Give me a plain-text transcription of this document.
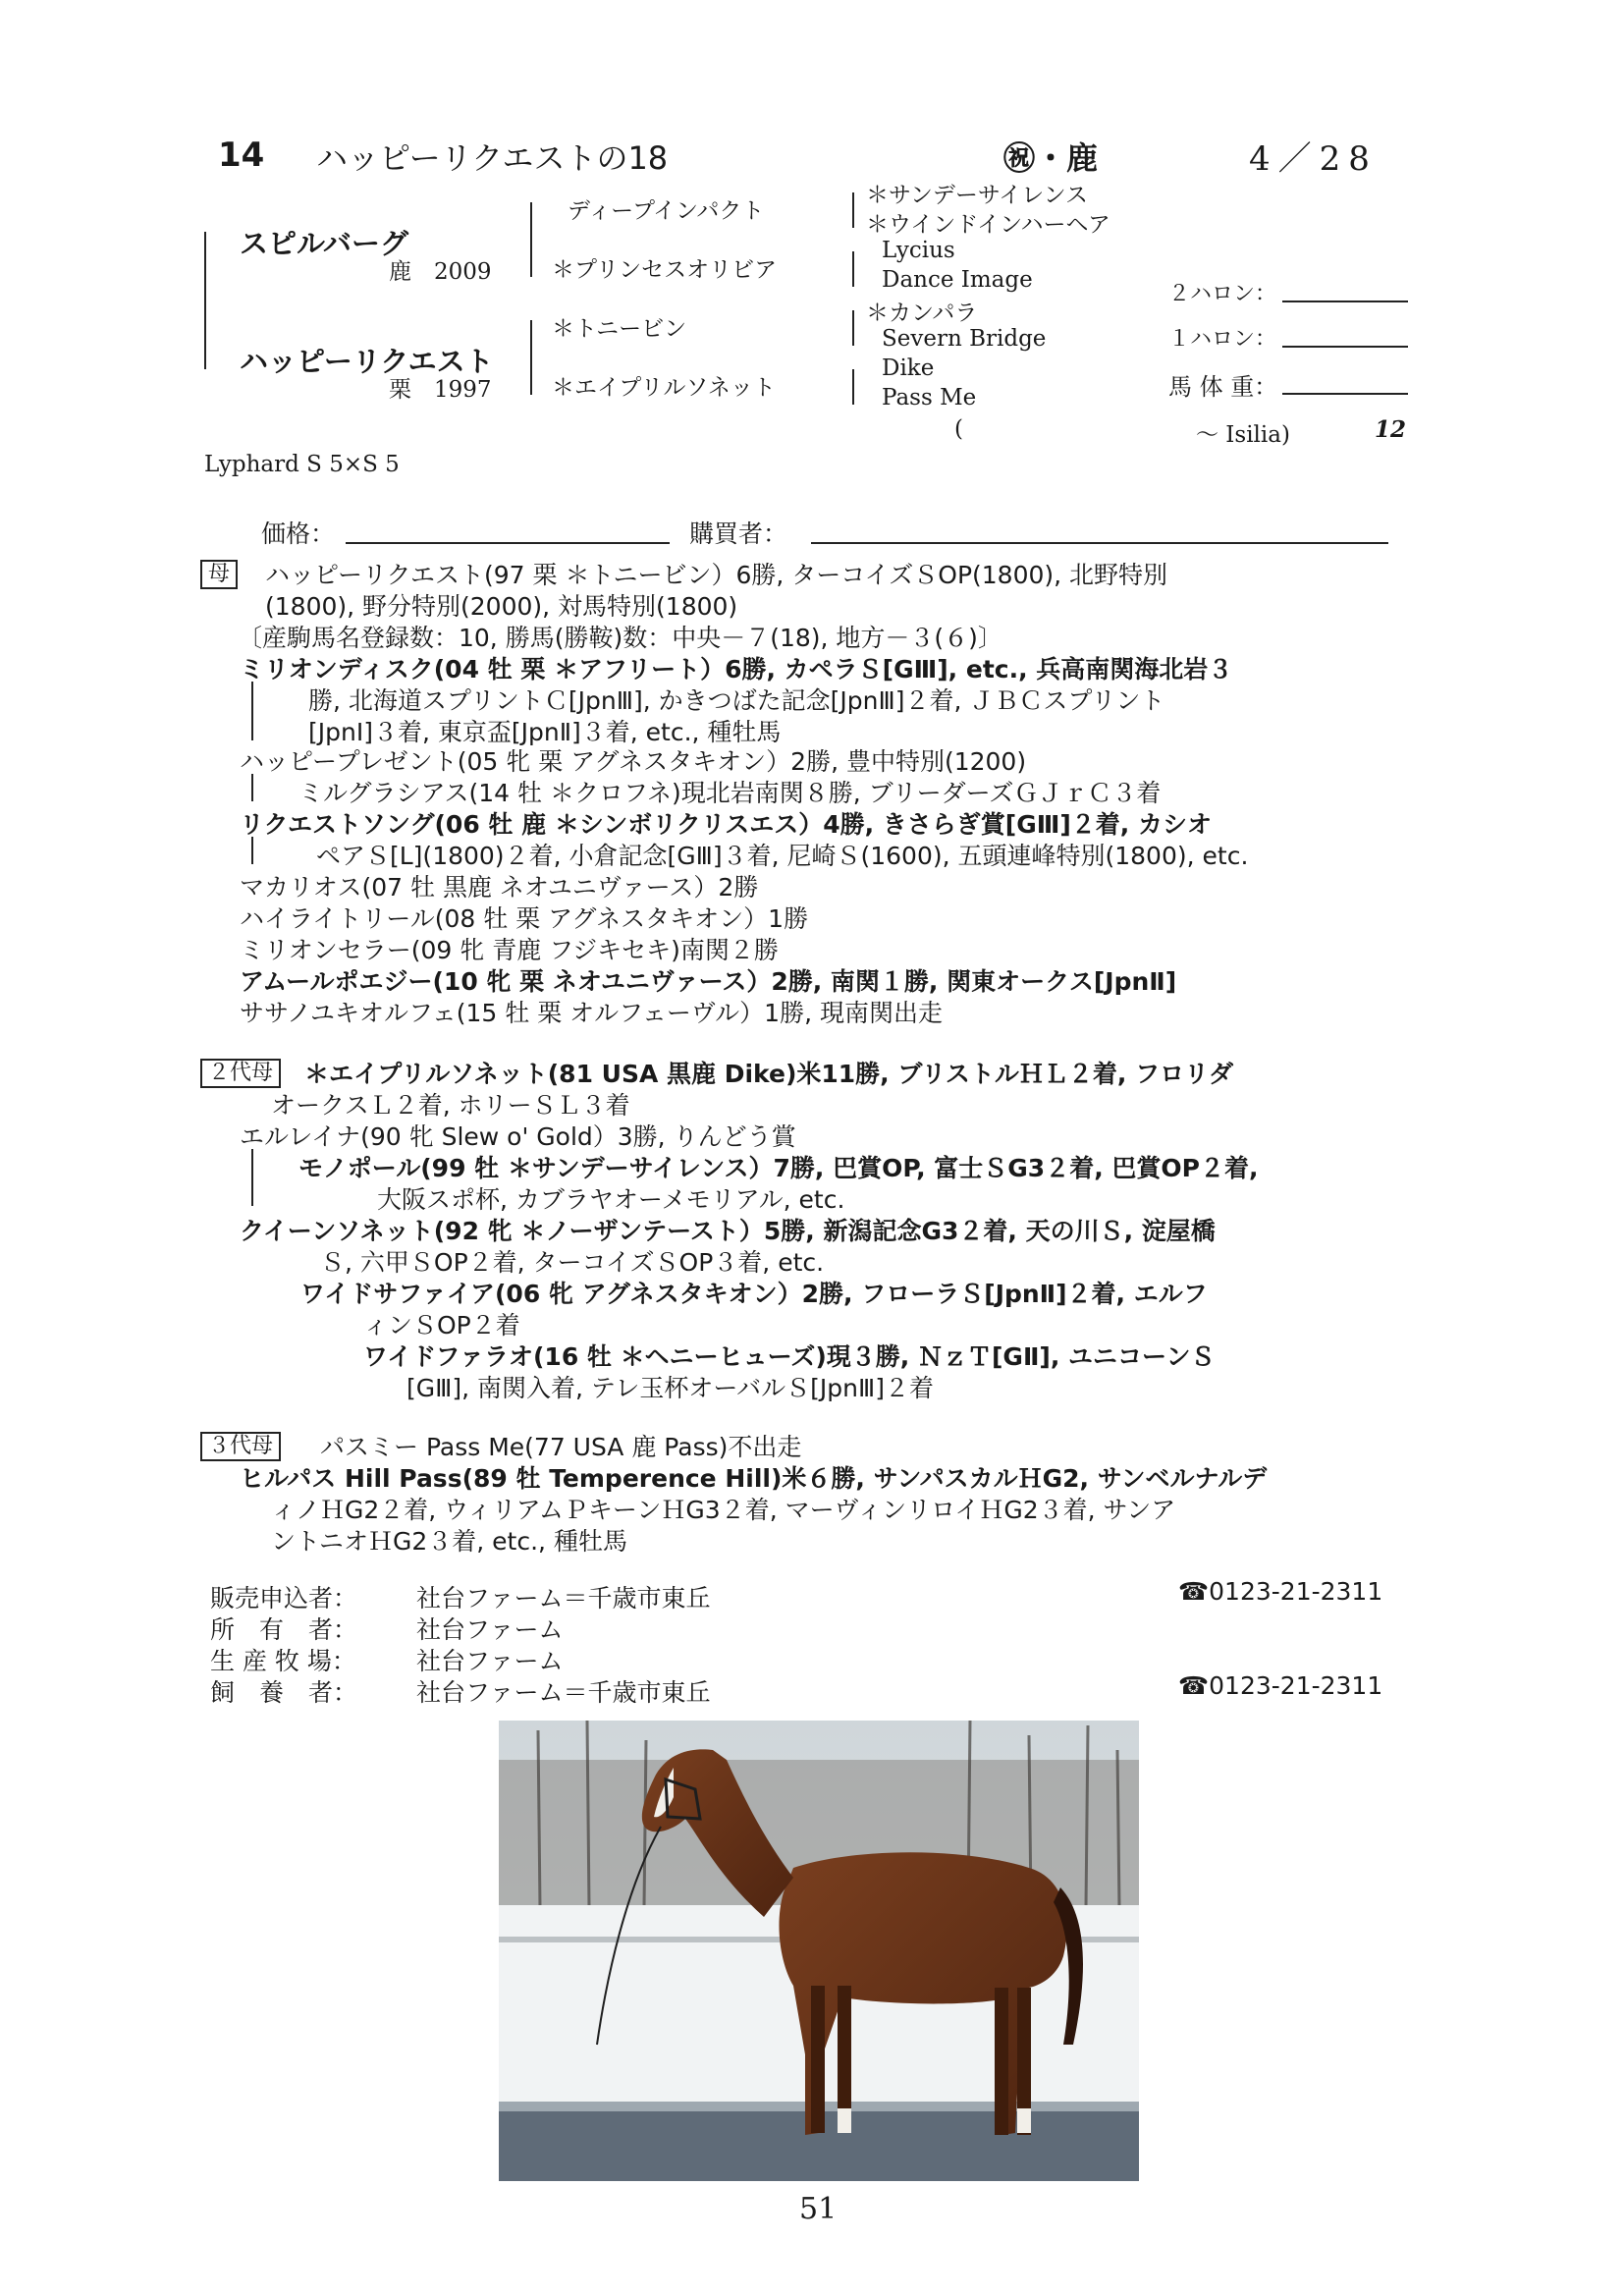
14 ハッピーリクエストの18	㊗・鹿	4／28
スピルバーグ
鹿　2009
ハッピーリクエスト
栗　1997
ディープインパクト
＊プリンセスオリビア
＊トニービン
＊エイプリルソネット
＊サンデーサイレンス
＊ウインドインハーヘア
Lycius
Dance Image
＊カンパラ
Severn Bridge
Dike
Pass Me
(	～ Isilia)	12
２ハロン：
１ハロン：
馬 体 重：
Lyphard S 5×S 5
価格：	購買者：
母	ハッピーリクエスト(97 栗 ＊トニービン）6勝, ターコイズＳOP(1800), 北野特別
(1800), 野分特別(2000), 対馬特別(1800)
〔産駒馬名登録数：10, 勝馬(勝鞍)数：中央－７(18), 地方－３(６)〕
ミリオンディスク(04 牡 栗 ＊アフリート）6勝, カペラＳ[GⅢ], etc., 兵高南関海北岩３
勝, 北海道スプリントＣ[JpnⅢ], かきつばた記念[JpnⅢ]２着, ＪＢＣスプリント
[JpnⅠ]３着, 東京盃[JpnⅡ]３着, etc., 種牡馬
ハッピープレゼント(05 牝 栗 アグネスタキオン）2勝, 豊中特別(1200)
ミルグラシアス(14 牡 ＊クロフネ)現北岩南関８勝, ブリーダーズＧＪｒＣ３着
リクエストソング(06 牡 鹿 ＊シンボリクリスエス）4勝, きさらぎ賞[GⅢ]２着, カシオ
ペアＳ[L](1800)２着, 小倉記念[GⅢ]３着, 尼崎Ｓ(1600), 五頭連峰特別(1800), etc.
マカリオス(07 牡 黒鹿 ネオユニヴァース）2勝
ハイライトリール(08 牡 栗 アグネスタキオン）1勝
ミリオンセラー(09 牝 青鹿 フジキセキ)南関２勝
アムールポエジー(10 牝 栗 ネオユニヴァース）2勝, 南関１勝, 関東オークス[JpnⅡ]
ササノユキオルフェ(15 牡 栗 オルフェーヴル）1勝, 現南関出走
２代母	＊エイプリルソネット(81 USA 黒鹿 Dike)米11勝, ブリストルＨＬ２着, フロリダ
オークスＬ２着, ホリーＳＬ３着
エルレイナ(90 牝 Slew o' Gold）3勝, りんどう賞
モノポール(99 牡 ＊サンデーサイレンス）7勝, 巴賞OP, 富士ＳG3２着, 巴賞OP２着,
大阪スポ杯, カブラヤオーメモリアル, etc.
クイーンソネット(92 牝 ＊ノーザンテースト）5勝, 新潟記念G3２着, 天の川Ｓ, 淀屋橋
Ｓ, 六甲ＳOP２着, ターコイズＳOP３着, etc.
ワイドサファイア(06 牝 アグネスタキオン）2勝, フローラＳ[JpnⅡ]２着, エルフ
ィンＳOP２着
ワイドファラオ(16 牡 ＊ヘニーヒューズ)現３勝, ＮｚＴ[GⅡ], ユニコーンＳ
[GⅢ], 南関入着, テレ玉杯オーバルＳ[JpnⅢ]２着
３代母	パスミー Pass Me(77 USA 鹿 Pass)不出走
ヒルパス Hill Pass(89 牡 Temperence Hill)米６勝, サンパスカルＨG2, サンベルナルデ
ィノＨG2２着, ウィリアムＰキーンＨG3２着, マーヴィンリロイＨG2３着, サンア
ントニオＨG2３着, etc., 種牡馬
販売申込者： 社台ファーム＝千歳市東丘	☎0123-21-2311
所　有　者： 社台ファーム
生 産 牧 場： 社台ファーム
飼　養　者： 社台ファーム＝千歳市東丘	☎0123-21-2311
51
